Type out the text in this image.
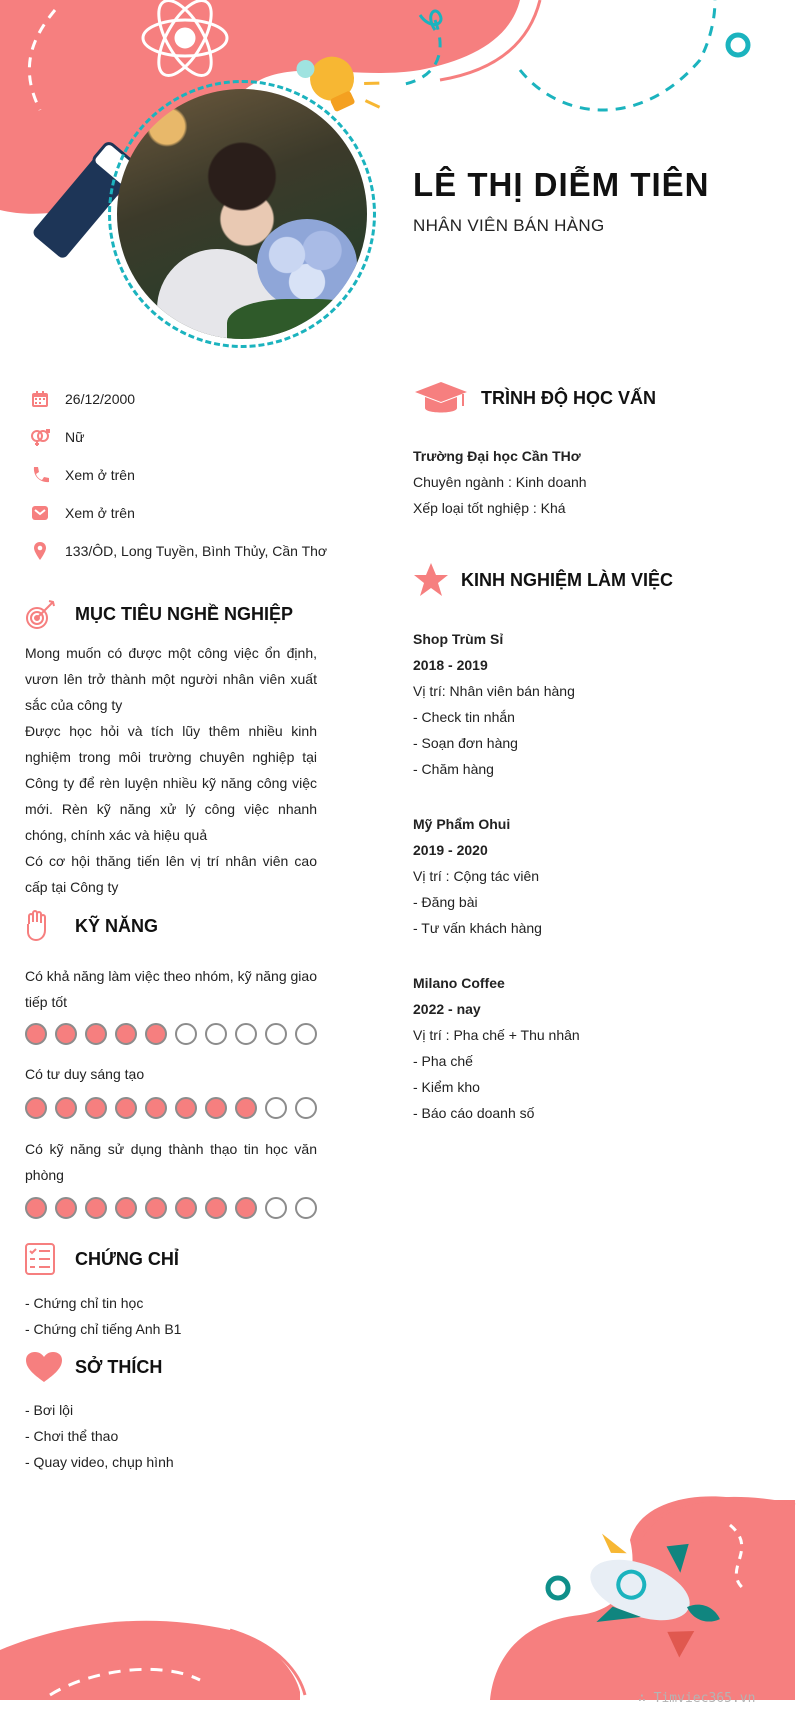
LÊ THỊ DIỄM TIÊN
NHÂN VIÊN BÁN HÀNG
26/12/2000
Nữ
Xem ở trên
Xem ở trên
133/ÔD, Long Tuyền, Bình Thủy, Cần Thơ
MỤC TIÊU NGHỀ NGHIỆP

Mong muốn có được một công việc ổn định, vươn lên trở thành một người nhân viên xuất sắc của công ty

Được học hỏi và tích lũy thêm nhiều kinh nghiệm trong môi trường chuyên nghiệp tại Công ty để rèn luyện nhiều kỹ năng công việc mới. Rèn kỹ năng xử lý công việc nhanh chóng, chính xác và hiệu quả

Có cơ hội thăng tiến lên vị trí nhân viên cao cấp tại Công ty

KỸ NĂNG
Có khả năng làm việc theo nhóm, kỹ năng giao tiếp tốt
Có tư duy sáng tạo
Có kỹ năng sử dụng thành thạo tin học văn phòng
CHỨNG CHỈ
- Chứng chỉ tin học
- Chứng chỉ tiếng Anh B1
SỞ THÍCH
- Bơi lội
- Chơi thể thao
- Quay video, chụp hình
TRÌNH ĐỘ HỌC VẤN
Trường Đại học Cần THơ
Chuyên ngành : Kinh doanh
Xếp loại tốt nghiệp : Khá
KINH NGHIỆM LÀM VIỆC
Shop Trùm Sỉ
2018 - 2019
Vị trí: Nhân viên bán hàng
- Check tin nhắn
- Soạn đơn hàng
- Chăm hàng
Mỹ Phẩm Ohui
2019 - 2020
Vị trí : Cộng tác viên
- Đăng bài
- Tư vấn khách hàng
Milano Coffee
2022 - nay
Vị trí : Pha chế + Thu nhân
- Pha chế
- Kiểm kho
- Báo cáo doanh số
∴ Timviec365.vn
